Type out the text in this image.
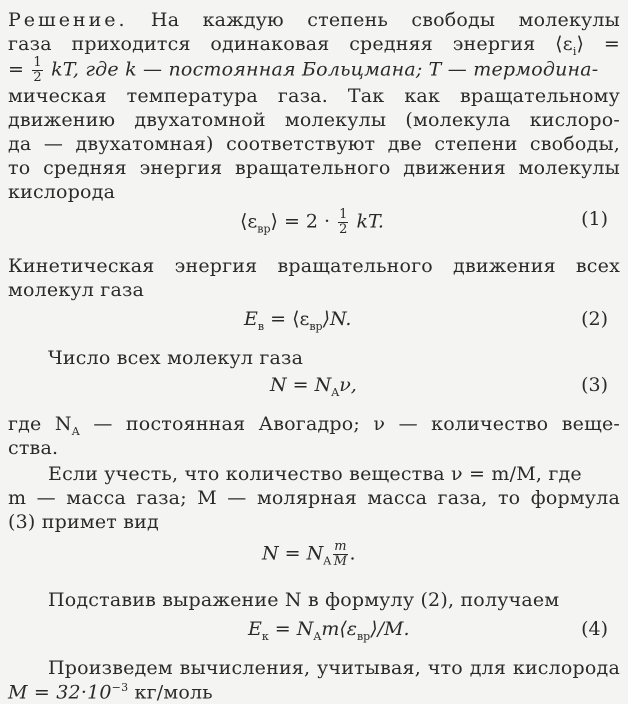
Решение. На каждую степень свободы молекулы
газа приходится одинаковая средняя энергия $⟨\varepsilon_i⟩$ =
= $\frac{1}{2}$ kT, где k — постоянная Больцмана; T — термодина-
мическая температура газа. Так как вращательному
движению двухатомной молекулы (молекула кислоро-
да — двухатомная) соответствуют две степени свободы,
то средняя энергия вращательного движения молекулы
кислорода
$⟨\varepsilon_{вр}⟩ = 2 \cdot \frac{1}{2}$ kT.	(1)
Кинетическая энергия вращательного движения всех
молекул газа
$E_в$ = $⟨\varepsilon_{вр}⟩N$.	(2)
Число всех молекул газа
$N = N_A\nu$,	(3)
где $N_A$ — постоянная Авогадро; ν — количество веще-
ства.
Если учесть, что количество вещества ν = m/M, где
m — масса газа; M — молярная масса газа, то формула
(3) примет вид
$N = N_A \frac{m}{M}$ .
Подставив выражение N в формулу (2), получаем
$E_к$ = $N_Am⟨\varepsilon_{вр}⟩/M$.	(4)
Произведем вычисления, учитывая, что для кислорода
$M = 32\cdot 10^{-3}$ кг/моль
